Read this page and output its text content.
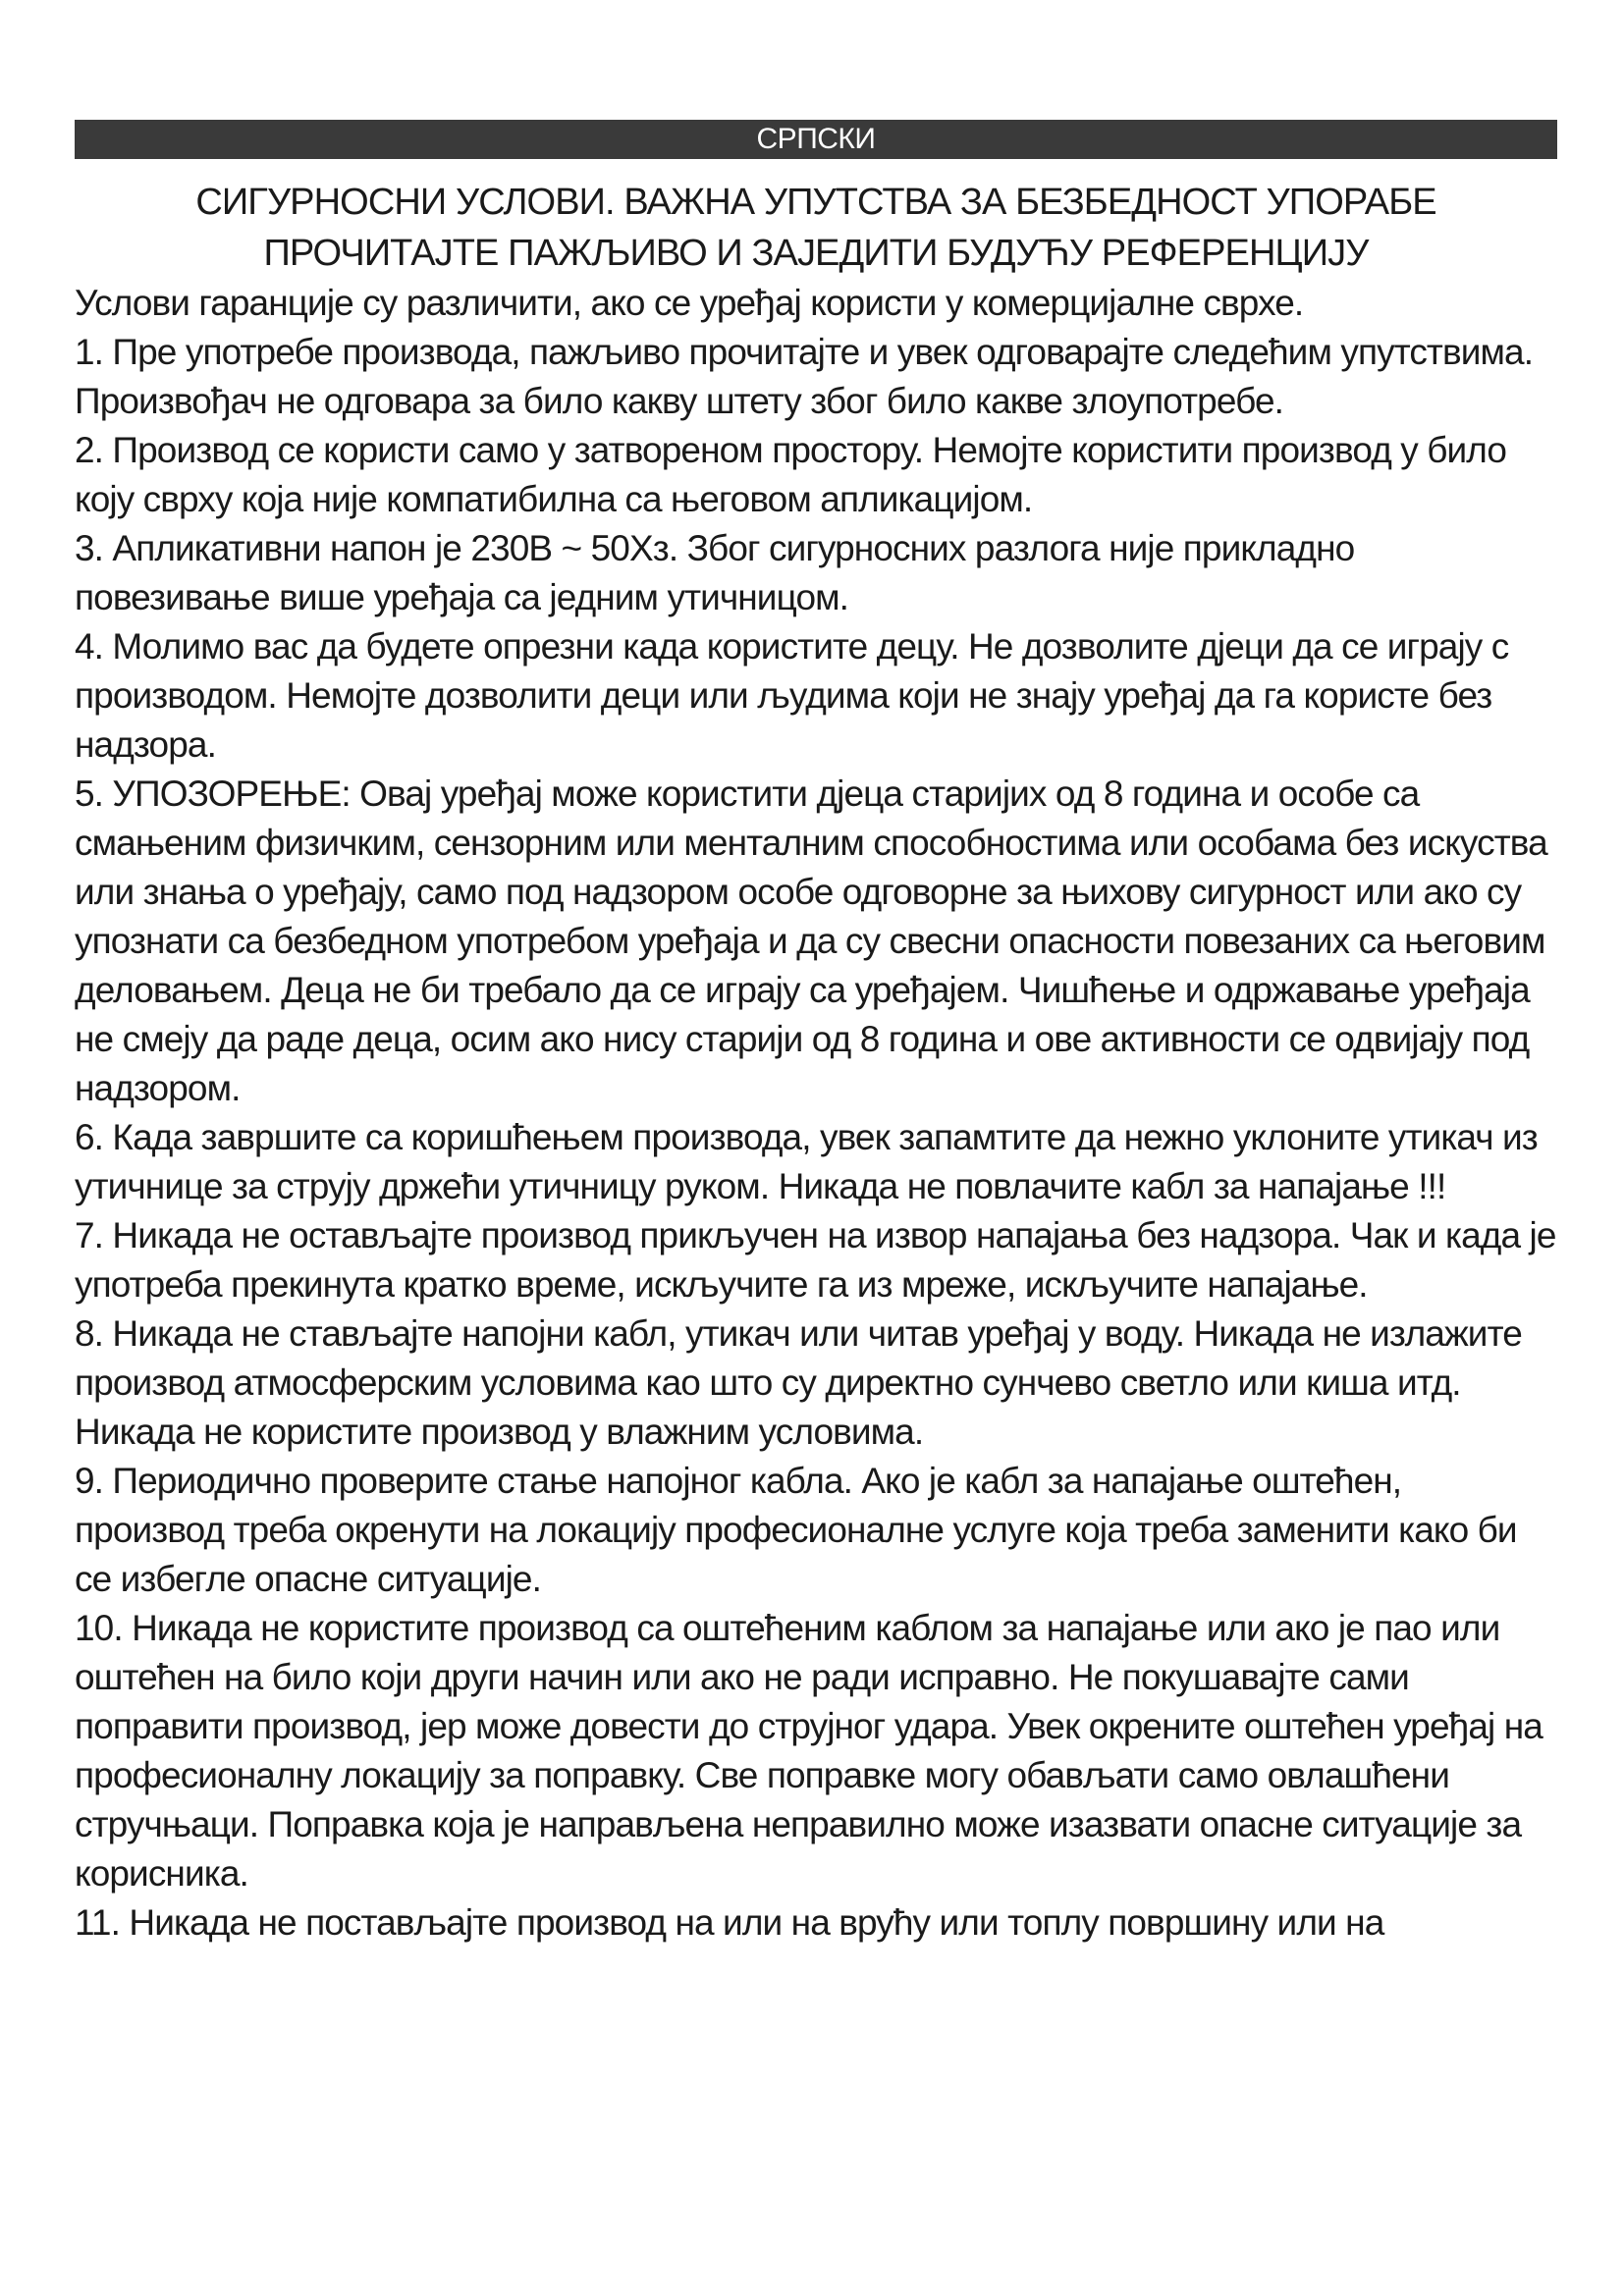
СРПСКИ

СИГУРНОСНИ УСЛОВИ. ВАЖНА УПУТСТВА ЗА БЕЗБЕДНОСТ УПОРАБЕ

ПРОЧИТАЈТЕ ПАЖЉИВО И ЗАЈЕДИТИ БУДУЋУ РЕФЕРЕНЦИЈУ

Услови гаранције су различити, ако се уређај користи у комерцијалне сврхе.

1. Пре употребе производа, пажљиво прочитајте и увек одговарајте следећим упутствима. Произвођач не одговара за било какву штету због било какве злоупотребе.

2. Производ се користи само у затвореном простору. Немојте користити производ у било коју сврху која није компатибилна са његовом апликацијом.

3. Апликативни напон је 230В ~ 50Хз. Због сигурносних разлога није прикладно повезивање више уређаја са једним утичницом.

4. Молимо вас да будете опрезни када користите децу. Не дозволите дјеци да се играју с производом. Немојте дозволити деци или људима који не знају уређај да га користе без надзора.

5. УПОЗОРЕЊЕ: Овај уређај може користити дјеца старијих од 8 година и особе са смањеним физичким, сензорним или менталним способностима или особама без искуства или знања о уређају, само под надзором особе одговорне за њихову сигурност или ако су упознати са безбедном употребом уређаја и да су свесни опасности повезаних са његовим деловањем. Деца не би требало да се играју са уређајем. Чишћење и одржавање уређаја не смеју да раде деца, осим ако нису старији од 8 година и ове активности се одвијају под надзором.

6. Када завршите са коришћењем производа, увек запамтите да нежно уклоните утикач из утичнице за струју држећи утичницу руком. Никада не повлачите кабл за напајање !!!

7. Никада не остављајте производ прикључен на извор напајања без надзора. Чак и када је употреба прекинута кратко време, искључите га из мреже, искључите напајање.

8. Никада не стављајте напојни кабл, утикач или читав уређај у воду. Никада не излажите производ атмосферским условима као што су директно сунчево светло или киша итд. Никада не користите производ у влажним условима.

9. Периодично проверите стање напојног кабла. Ако је кабл за напајање оштећен, производ треба окренути на локацију професионалне услуге која треба заменити како би се избегле опасне ситуације.

10. Никада не користите производ са оштећеним каблом за напајање или ако је пао или оштећен на било који други начин или ако не ради исправно. Не покушавајте сами поправити производ, јер може довести до струјног удара. Увек окрените оштећен уређај на професионалну локацију за поправку. Све поправке могу обављати само овлашћени стручњаци. Поправка која је направљена неправилно може изазвати опасне ситуације за корисника.

11. Никада не постављајте производ на или на врућу или топлу површину или на
